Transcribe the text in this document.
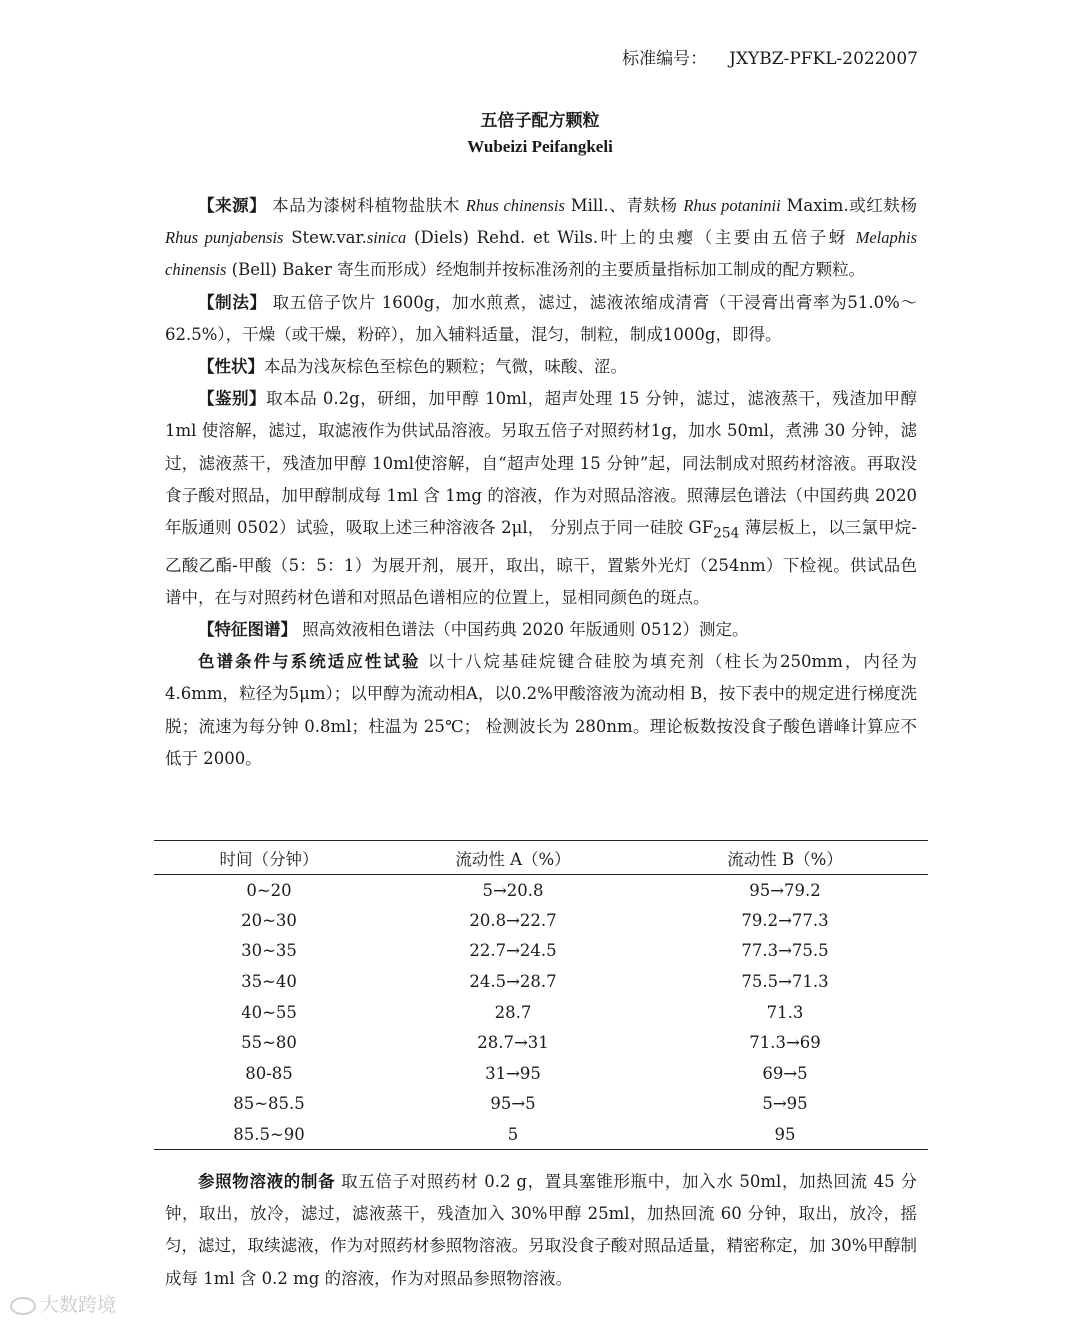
标准编号： JXYBZ-PFKL-2022007
五倍子配方颗粒
Wubeizi Peifangkeli

【来源】 本品为漆树科植物盐肤木 Rhus chinensis Mill.、青麸杨 Rhus potaninii Maxim.或红麸杨 Rhus punjabensis Stew.var.sinica (Diels) Rehd. et Wils.叶上的虫瘿（主要由五倍子蚜 Melaphis chinensis (Bell) Baker 寄生而形成）经炮制并按标准汤剂的主要质量指标加工制成的配方颗粒。

【制法】 取五倍子饮片 1600g，加水煎煮，滤过，滤液浓缩成清膏（干浸膏出膏率为51.0%～62.5%），干燥（或干燥，粉碎），加入辅料适量，混匀，制粒，制成1000g，即得。

【性状】本品为浅灰棕色至棕色的颗粒；气微，味酸、涩。

【鉴别】取本品 0.2g，研细，加甲醇 10ml，超声处理 15 分钟，滤过，滤液蒸干，残渣加甲醇 1ml 使溶解，滤过，取滤液作为供试品溶液。另取五倍子对照药材1g，加水 50ml，煮沸 30 分钟，滤过，滤液蒸干，残渣加甲醇 10ml使溶解，自“超声处理 15 分钟”起，同法制成对照药材溶液。再取没食子酸对照品，加甲醇制成每 1ml 含 1mg 的溶液，作为对照品溶液。照薄层色谱法（中国药典 2020 年版通则 0502）试验，吸取上述三种溶液各 2μl， 分别点于同一硅胶 $GF_{254}$ 薄层板上，以三氯甲烷-乙酸乙酯-甲酸（5：5：1）为展开剂，展开，取出，晾干，置紫外光灯（254nm）下检视。供试品色谱中，在与对照药材色谱和对照品色谱相应的位置上，显相同颜色的斑点。

【特征图谱】 照高效液相色谱法（中国药典 2020 年版通则 0512）测定。

色谱条件与系统适应性试验 以十八烷基硅烷键合硅胶为填充剂（柱长为250mm，内径为4.6mm，粒径为5μm）；以甲醇为流动相A，以0.2%甲酸溶液为流动相 B，按下表中的规定进行梯度洗脱；流速为每分钟 0.8ml；柱温为 25℃； 检测波长为 280nm。理论板数按没食子酸色谱峰计算应不低于 2000。

时间（分钟）	流动性 A（%）	流动性 B（%）
0~20	5→20.8	95→79.2
20~30	20.8→22.7	79.2→77.3
30~35	22.7→24.5	77.3→75.5
35~40	24.5→28.7	75.5→71.3
40~55	28.7	71.3
55~80	28.7→31	71.3→69
80-85	31→95	69→5
85~85.5	95→5	5→95
85.5~90	5	95

参照物溶液的制备 取五倍子对照药材 0.2 g，置具塞锥形瓶中，加入水 50ml，加热回流 45 分钟，取出，放冷，滤过，滤液蒸干，残渣加入 30%甲醇 25ml，加热回流 60 分钟，取出，放冷，摇匀，滤过，取续滤液，作为对照药材参照物溶液。另取没食子酸对照品适量，精密称定，加 30%甲醇制成每 1ml 含 0.2 mg 的溶液，作为对照品参照物溶液。

大数跨境
